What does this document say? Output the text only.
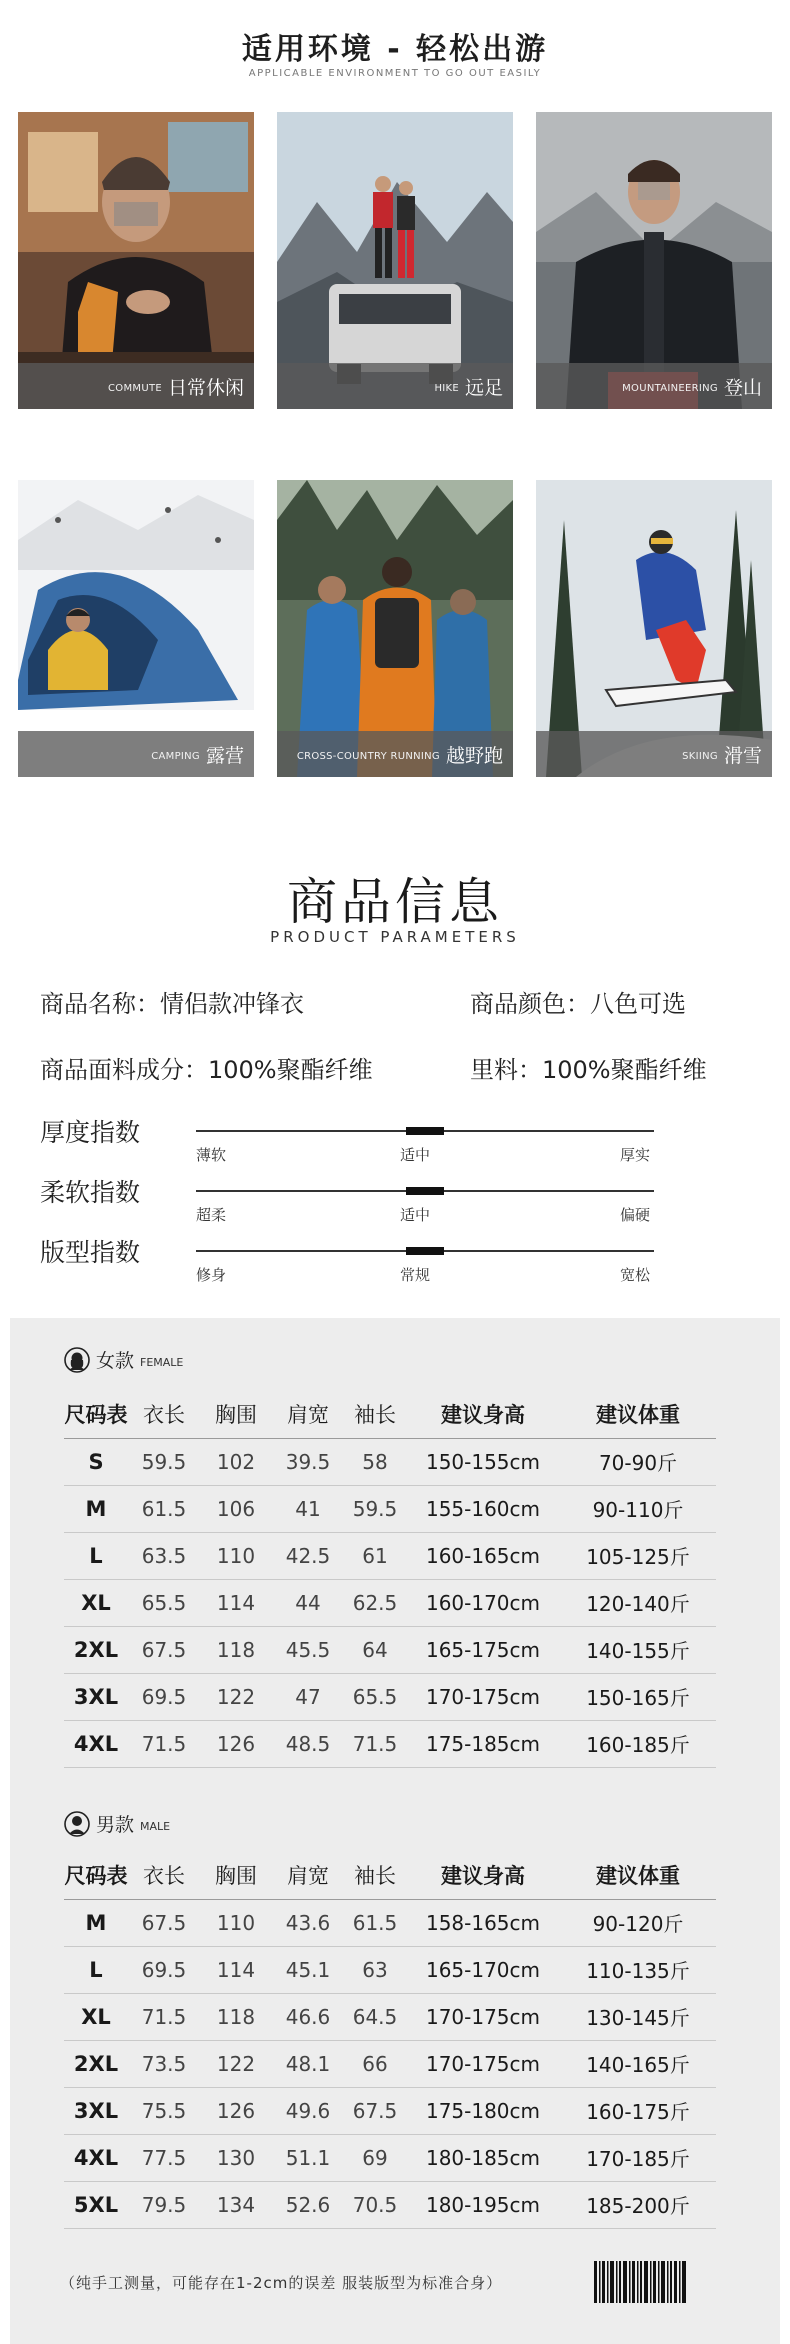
适用环境 - 轻松出游
APPLICABLE ENVIRONMENT TO GO OUT EASILY
COMMUTE 日常休闲	HIKE 远足	MOUNTAINEERING 登山
CAMPING 露营	CROSS-COUNTRY RUNNING 越野跑	SKIING 滑雪
商品信息
PRODUCT PARAMETERS
商品名称：情侣款冲锋衣	商品颜色：八色可选
商品面料成分：100%聚酯纤维	里料：100%聚酯纤维
厚度指数
薄软	适中	厚实
柔软指数
超柔	适中	偏硬
版型指数
修身	常规	宽松
女款 FEMALE
尺码表	衣长	胸围	肩宽	袖长	建议身高	建议体重
S	59.5	102	39.5	58	150-155cm	70-90斤
M	61.5	106	41	59.5	155-160cm	90-110斤
L	63.5	110	42.5	61	160-165cm	105-125斤
XL	65.5	114	44	62.5	160-170cm	120-140斤
2XL	67.5	118	45.5	64	165-175cm	140-155斤
3XL	69.5	122	47	65.5	170-175cm	150-165斤
4XL	71.5	126	48.5	71.5	175-185cm	160-185斤
男款 MALE
尺码表	衣长	胸围	肩宽	袖长	建议身高	建议体重
M	67.5	110	43.6	61.5	158-165cm	90-120斤
L	69.5	114	45.1	63	165-170cm	110-135斤
XL	71.5	118	46.6	64.5	170-175cm	130-145斤
2XL	73.5	122	48.1	66	170-175cm	140-165斤
3XL	75.5	126	49.6	67.5	175-180cm	160-175斤
4XL	77.5	130	51.1	69	180-185cm	170-185斤
5XL	79.5	134	52.6	70.5	180-195cm	185-200斤
（纯手工测量，可能存在1-2cm的误差 服装版型为标准合身）
